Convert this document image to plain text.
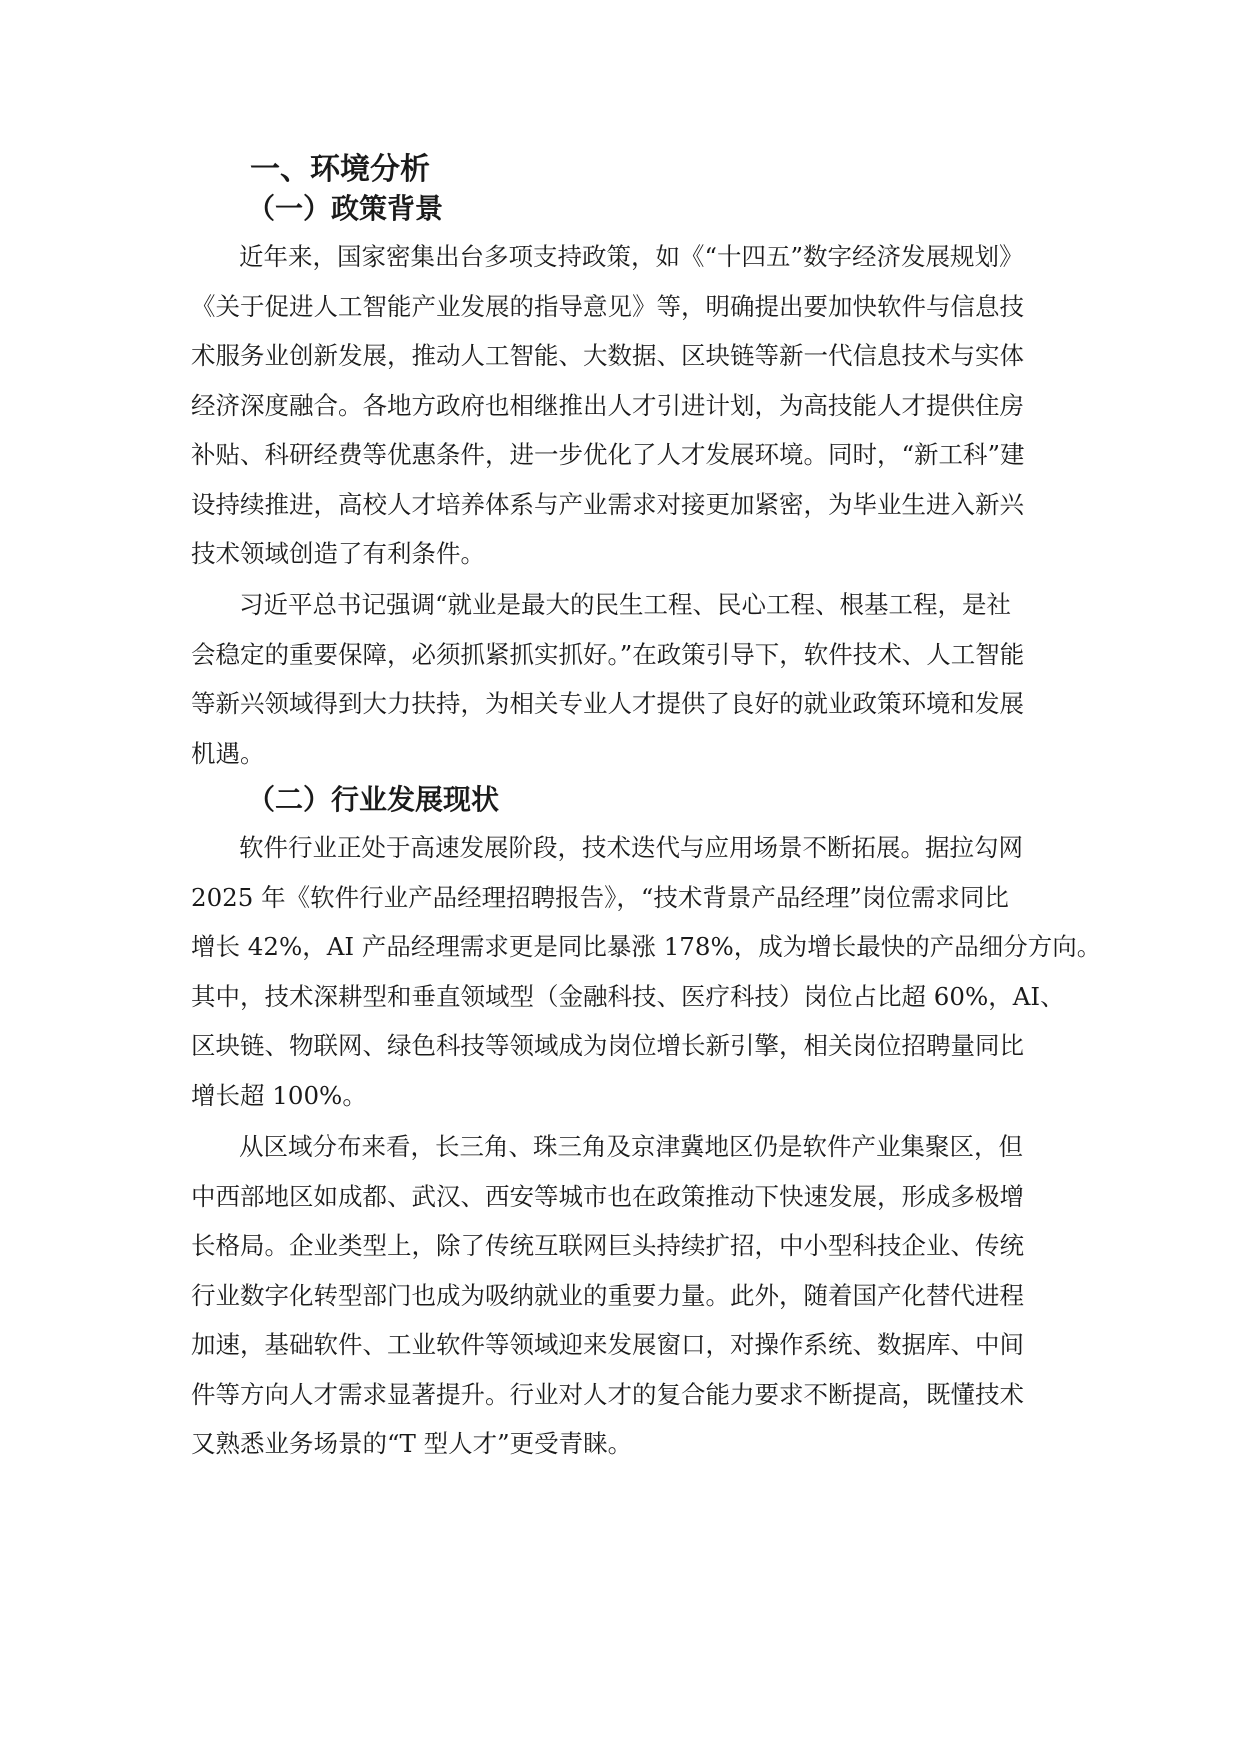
一、环境分析
（一）政策背景
近年来，国家密集出台多项支持政策，如《“十四五”数字经济发展规划》
《关于促进人工智能产业发展的指导意见》等，明确提出要加快软件与信息技
术服务业创新发展，推动人工智能、大数据、区块链等新一代信息技术与实体
经济深度融合。各地方政府也相继推出人才引进计划，为高技能人才提供住房
补贴、科研经费等优惠条件，进一步优化了人才发展环境。同时，“新工科”建
设持续推进，高校人才培养体系与产业需求对接更加紧密，为毕业生进入新兴
技术领域创造了有利条件。
习近平总书记强调“就业是最大的民生工程、民心工程、根基工程，是社
会稳定的重要保障，必须抓紧抓实抓好。”在政策引导下，软件技术、人工智能
等新兴领域得到大力扶持，为相关专业人才提供了良好的就业政策环境和发展
机遇。
（二）行业发展现状
软件行业正处于高速发展阶段，技术迭代与应用场景不断拓展。据拉勾网
2025 年《软件行业产品经理招聘报告》，“技术背景产品经理”岗位需求同比
增长 42%，AI 产品经理需求更是同比暴涨 178%，成为增长最快的产品细分方向。
其中，技术深耕型和垂直领域型（金融科技、医疗科技）岗位占比超 60%，AI、
区块链、物联网、绿色科技等领域成为岗位增长新引擎，相关岗位招聘量同比
增长超 100%。
从区域分布来看，长三角、珠三角及京津冀地区仍是软件产业集聚区，但
中西部地区如成都、武汉、西安等城市也在政策推动下快速发展，形成多极增
长格局。企业类型上，除了传统互联网巨头持续扩招，中小型科技企业、传统
行业数字化转型部门也成为吸纳就业的重要力量。此外，随着国产化替代进程
加速，基础软件、工业软件等领域迎来发展窗口，对操作系统、数据库、中间
件等方向人才需求显著提升。行业对人才的复合能力要求不断提高，既懂技术
又熟悉业务场景的“T 型人才”更受青睐。
